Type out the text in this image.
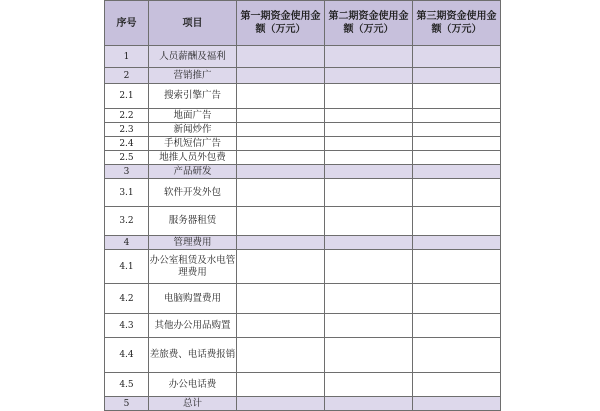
序号	项目	第一期资金使用金额（万元）	第二期资金使用金额（万元）	第三期资金使用金额（万元）
1	人员薪酬及福利			
2	营销推广			
2.1	搜索引擎广告			
2.2	地面广告			
2.3	新闻炒作			
2.4	手机短信广告			
2.5	地推人员外包费			
3	产品研发			
3.1	软件开发外包			
3.2	服务器租赁			
4	管理费用			
4.1	办公室租赁及水电管理费用			
4.2	电脑购置费用			
4.3	其他办公用品购置			
4.4	差旅费、电话费报销			
4.5	办公电话费			
5	总计			
